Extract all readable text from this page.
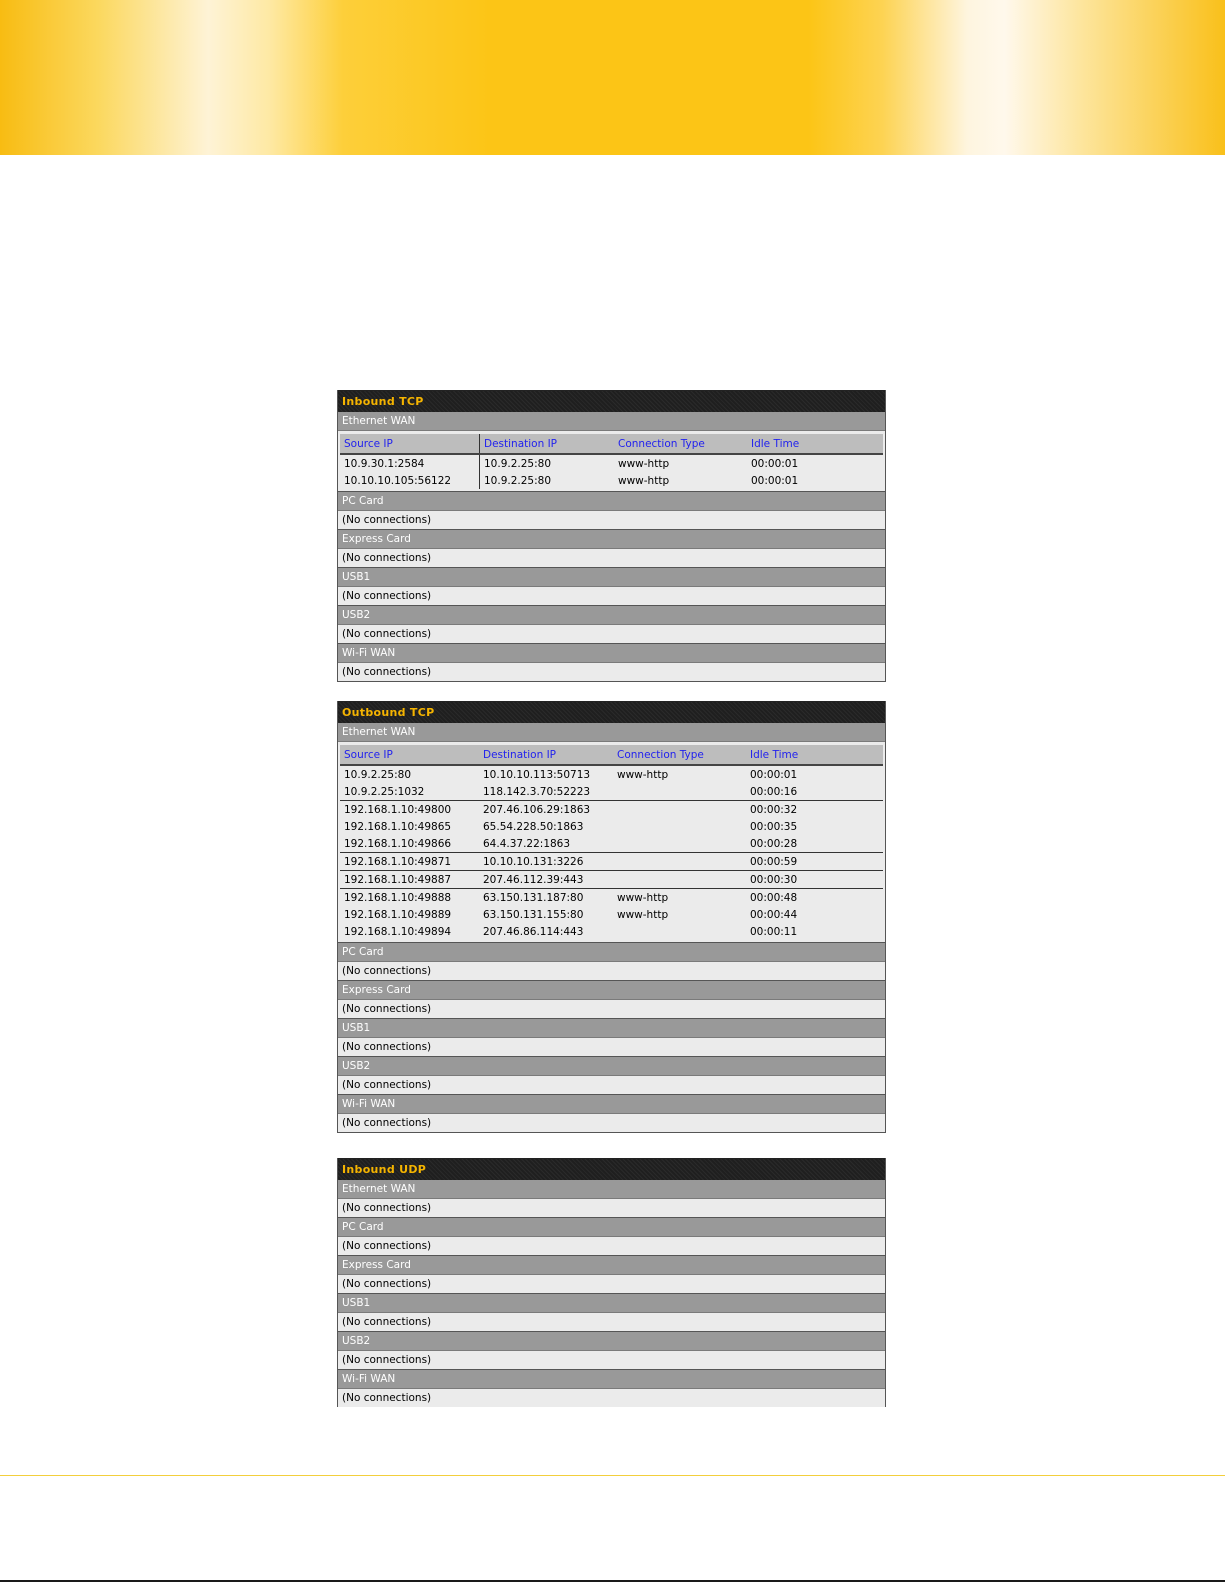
Inbound TCP
Ethernet WAN
Source IP	Destination IP	Connection Type	Idle Time
10.9.30.1:2584	10.9.2.25:80	www-http	00:00:01
10.10.10.105:56122	10.9.2.25:80	www-http	00:00:01
PC Card
(No connections)
Express Card
(No connections)
USB1
(No connections)
USB2
(No connections)
Wi-Fi WAN
(No connections)
Outbound TCP
Ethernet WAN
Source IP	Destination IP	Connection Type	Idle Time
10.9.2.25:80	10.10.10.113:50713	www-http	00:00:01
10.9.2.25:1032	118.142.3.70:52223		00:00:16
192.168.1.10:49800	207.46.106.29:1863		00:00:32
192.168.1.10:49865	65.54.228.50:1863		00:00:35
192.168.1.10:49866	64.4.37.22:1863		00:00:28
192.168.1.10:49871	10.10.10.131:3226		00:00:59
192.168.1.10:49887	207.46.112.39:443		00:00:30
192.168.1.10:49888	63.150.131.187:80	www-http	00:00:48
192.168.1.10:49889	63.150.131.155:80	www-http	00:00:44
192.168.1.10:49894	207.46.86.114:443		00:00:11
PC Card
(No connections)
Express Card
(No connections)
USB1
(No connections)
USB2
(No connections)
Wi-Fi WAN
(No connections)
Inbound UDP
Ethernet WAN
(No connections)
PC Card
(No connections)
Express Card
(No connections)
USB1
(No connections)
USB2
(No connections)
Wi-Fi WAN
(No connections)
